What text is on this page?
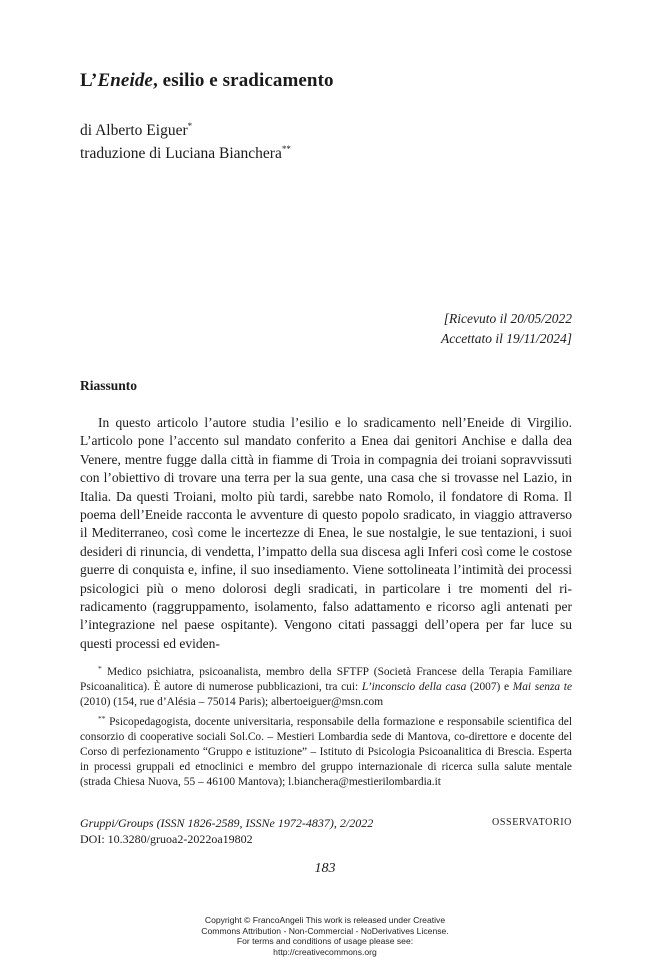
L’Eneide, esilio e sradicamento
di Alberto Eiguer*
traduzione di Luciana Bianchera**
[Ricevuto il 20/05/2022
Accettato il 19/11/2024]
Riassunto

In questo articolo l’autore studia l’esilio e lo sradicamento nell’Eneide di Virgilio. L’articolo pone l’accento sul mandato conferito a Enea dai genitori Anchise e dalla dea Venere, mentre fugge dalla città in fiamme di Troia in compagnia dei troiani sopravvissuti con l’obiettivo di trovare una terra per la sua gente, una casa che si trovasse nel Lazio, in Italia. Da questi Troiani, molto più tardi, sarebbe nato Romolo, il fondatore di Roma. Il poema dell’Eneide racconta le avventure di questo popolo sradicato, in viaggio attraverso il Mediterraneo, così come le incertezze di Enea, le sue nostalgie, le sue tentazioni, i suoi desideri di rinuncia, di vendetta, l’impatto della sua discesa agli Inferi così come le costose guerre di conquista e, infine, il suo insediamento. Viene sottolineata l’intimità dei processi psicologici più o meno dolorosi degli sradicati, in particolare i tre momenti del ri-radicamento (raggruppamento, isolamento, falso adattamento e ricorso agli antenati per l’integrazione nel paese ospitante). Vengono citati passaggi dell’opera per far luce su questi processi ed eviden-

* Medico psichiatra, psicoanalista, membro della SFTFP (Società Francese della Terapia Familiare Psicoanalitica). È autore di numerose pubblicazioni, tra cui: L’inconscio della casa (2007) e Mai senza te (2010) (154, rue d’Alésia – 75014 Paris); albertoeiguer@msn.com

** Psicopedagogista, docente universitaria, responsabile della formazione e responsabile scientifica del consorzio di cooperative sociali Sol.Co. – Mestieri Lombardia sede di Mantova, co-direttore e docente del Corso di perfezionamento “Gruppo e istituzione” – Istituto di Psicologia Psicoanalitica di Brescia. Esperta in processi gruppali ed etnoclinici e membro del gruppo internazionale di ricerca sulla salute mentale (strada Chiesa Nuova, 55 – 46100 Mantova); l.bianchera@mestierilombardia.it

Gruppi/Groups (ISSN 1826-2589, ISSNe 1972-4837), 2/2022
DOI: 10.3280/gruoa2-2022oa19802
OSSERVATORIO
183
Copyright © FrancoAngeli This work is released under Creative
Commons Attribution - Non-Commercial - NoDerivatives License.
For terms and conditions of usage please see:
http://creativecommons.org
